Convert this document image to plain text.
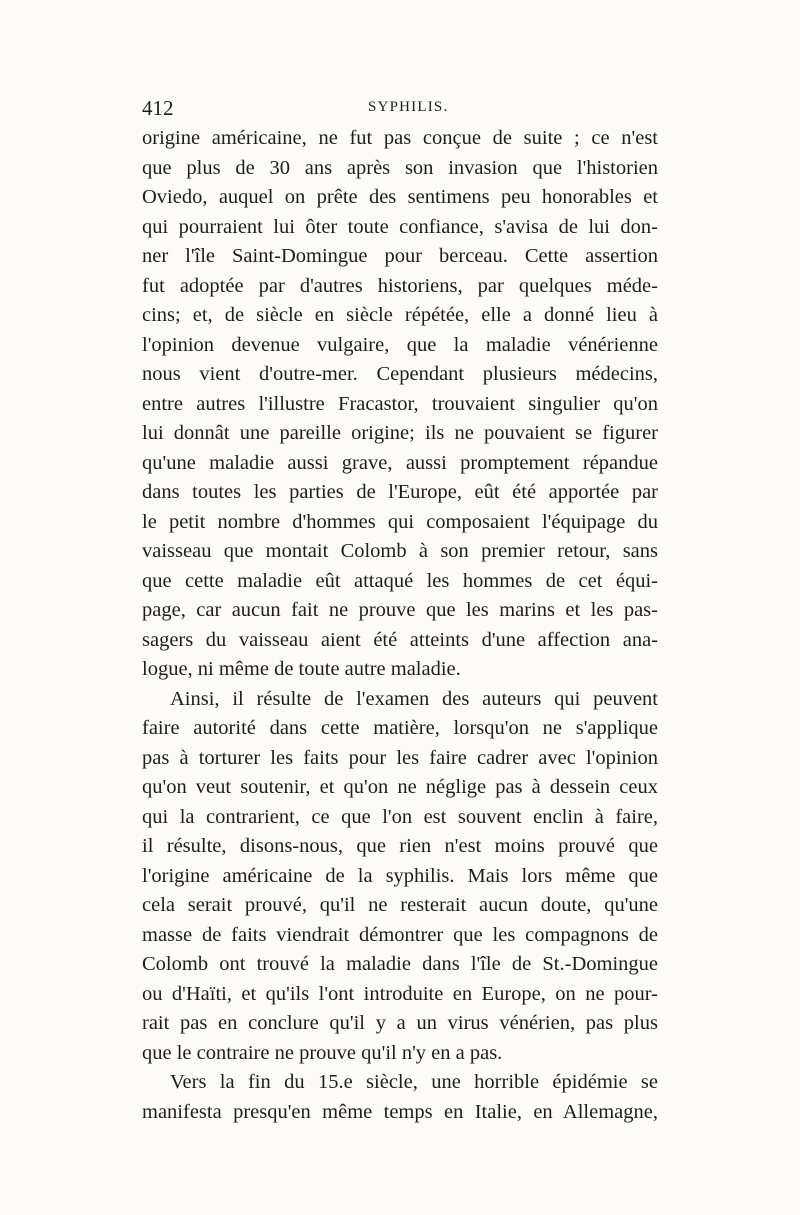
412	SYPHILIS.
origine américaine, ne fut pas conçue de suite ; ce n'est
que plus de 30 ans après son invasion que l'historien
Oviedo, auquel on prête des sentimens peu honorables et
qui pourraient lui ôter toute confiance, s'avisa de lui don-
ner l'île Saint-Domingue pour berceau. Cette assertion
fut adoptée par d'autres historiens, par quelques méde-
cins; et, de siècle en siècle répétée, elle a donné lieu à
l'opinion devenue vulgaire, que la maladie vénérienne
nous vient d'outre-mer. Cependant plusieurs médecins,
entre autres l'illustre Fracastor, trouvaient singulier qu'on
lui donnât une pareille origine; ils ne pouvaient se figurer
qu'une maladie aussi grave, aussi promptement répandue
dans toutes les parties de l'Europe, eût été apportée par
le petit nombre d'hommes qui composaient l'équipage du
vaisseau que montait Colomb à son premier retour, sans
que cette maladie eût attaqué les hommes de cet équi-
page, car aucun fait ne prouve que les marins et les pas-
sagers du vaisseau aient été atteints d'une affection ana-
logue, ni même de toute autre maladie.
Ainsi, il résulte de l'examen des auteurs qui peuvent
faire autorité dans cette matière, lorsqu'on ne s'applique
pas à torturer les faits pour les faire cadrer avec l'opinion
qu'on veut soutenir, et qu'on ne néglige pas à dessein ceux
qui la contrarient, ce que l'on est souvent enclin à faire,
il résulte, disons-nous, que rien n'est moins prouvé que
l'origine américaine de la syphilis. Mais lors même que
cela serait prouvé, qu'il ne resterait aucun doute, qu'une
masse de faits viendrait démontrer que les compagnons de
Colomb ont trouvé la maladie dans l'île de St.-Domingue
ou d'Haïti, et qu'ils l'ont introduite en Europe, on ne pour-
rait pas en conclure qu'il y a un virus vénérien, pas plus
que le contraire ne prouve qu'il n'y en a pas.
Vers la fin du 15.e siècle, une horrible épidémie se
manifesta presqu'en même temps en Italie, en Allemagne,
